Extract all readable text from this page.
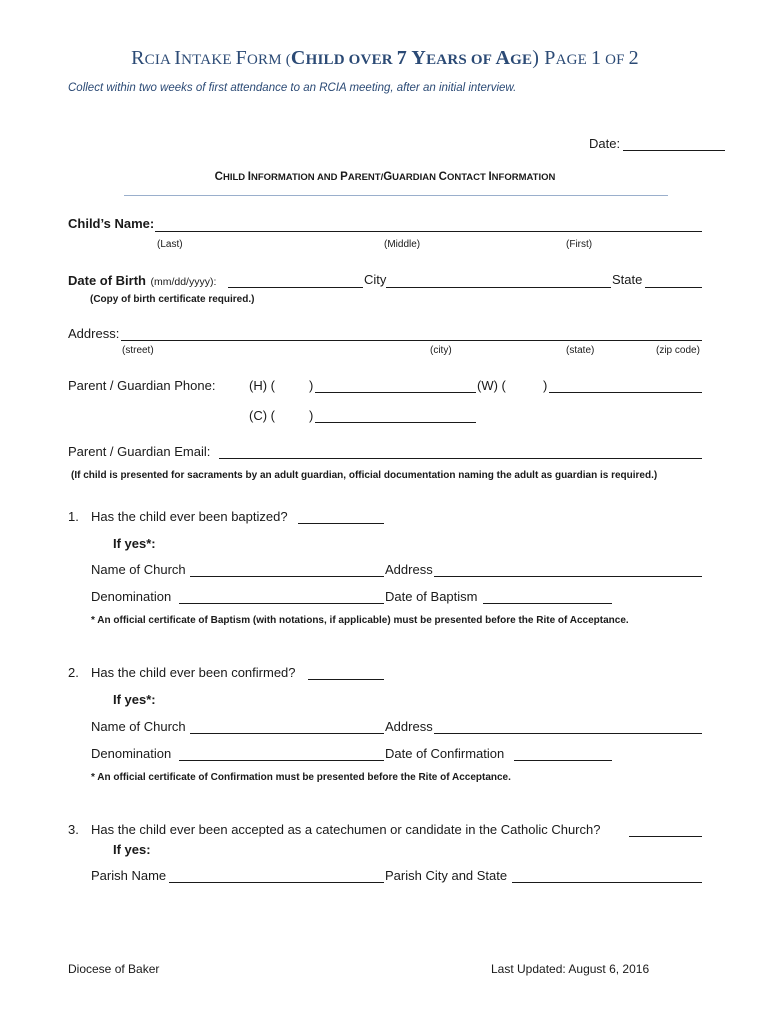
RCIA INTAKE FORM (CHILD OVER 7 YEARS OF AGE) PAGE 1 OF 2
Collect within two weeks of first attendance to an RCIA meeting, after an initial interview.
Date:
CHILD INFORMATION AND PARENT/GUARDIAN CONTACT INFORMATION
Child’s Name:
(Last)	(Middle)	(First)
Date of Birth (mm/dd/yyyy):	City	State
(Copy of birth certificate required.)
Address:
(street)	(city)	(state)	(zip code)
Parent / Guardian Phone:	(H) (	)	(W) (	)
(C) (	)
Parent / Guardian Email:
(If child is presented for sacraments by an adult guardian, official documentation naming the adult as guardian is required.)
1. Has the child ever been baptized?
If yes*:
Name of Church	Address
Denomination	Date of Baptism
* An official certificate of Baptism (with notations, if applicable) must be presented before the Rite of Acceptance.
2. Has the child ever been confirmed?
If yes*:
Name of Church	Address
Denomination	Date of Confirmation
* An official certificate of Confirmation must be presented before the Rite of Acceptance.
3. Has the child ever been accepted as a catechumen or candidate in the Catholic Church?
If yes:
Parish Name	Parish City and State
Diocese of Baker	Last Updated: August 6, 2016
